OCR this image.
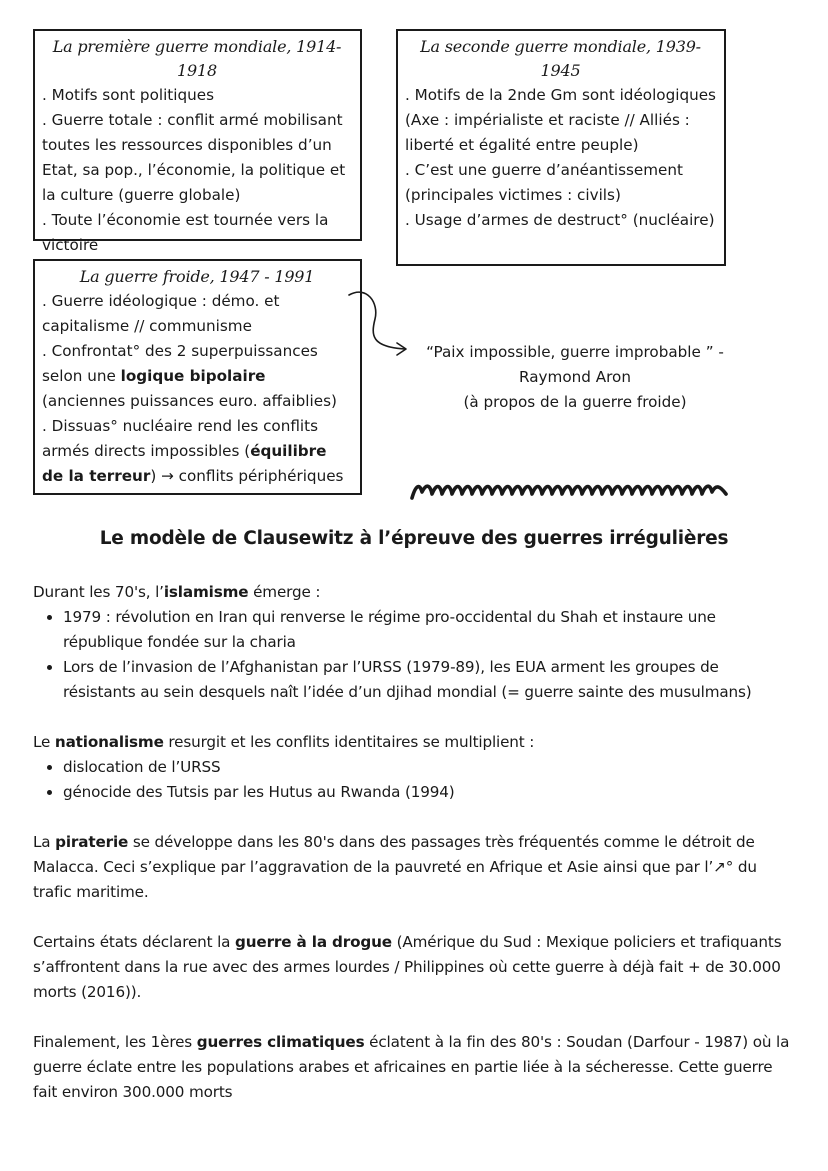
La première guerre mondiale, 1914-1918

. Motifs sont politiques

. Guerre totale : conflit armé mobilisant toutes les ressources disponibles d’un Etat, sa pop., l’économie, la politique et la culture (guerre globale)

. Toute l’économie est tournée vers la victoire

La seconde guerre mondiale, 1939-1945

. Motifs de la 2nde Gm sont idéologiques (Axe : impérialiste et raciste // Alliés : liberté et égalité entre peuple)

. C’est une guerre d’anéantissement (principales victimes : civils)

. Usage d’armes de destruct° (nucléaire)

La guerre froide, 1947 - 1991

. Guerre idéologique : démo. et capitalisme // communisme

. Confrontat° des 2 superpuissances selon une logique bipolaire (anciennes puissances euro. affaiblies)

. Dissuas° nucléaire rend les conflits armés directs impossibles (équilibre de la terreur) → conflits périphériques

“Paix impossible, guerre improbable ” -

Raymond Aron

(à propos de la guerre froide)

Le modèle de Clausewitz à l’épreuve des guerres irrégulières

Durant les 70's, l’islamisme émerge :

• 1979 : révolution en Iran qui renverse le régime pro-occidental du Shah et instaure une république fondée sur la charia
• Lors de l’invasion de l’Afghanistan par l’URSS (1979-89), les EUA arment les groupes de résistants au sein desquels naît l’idée d’un djihad mondial (= guerre sainte des musulmans)

Le nationalisme resurgit et les conflits identitaires se multiplient :

• dislocation de l’URSS
• génocide des Tutsis par les Hutus au Rwanda (1994)

La piraterie se développe dans les 80's dans des passages très fréquentés comme le détroit de Malacca. Ceci s’explique par l’aggravation de la pauvreté en Afrique et Asie ainsi que par l’↗° du trafic maritime.

Certains états déclarent la guerre à la drogue (Amérique du Sud : Mexique policiers et trafiquants s’affrontent dans la rue avec des armes lourdes / Philippines où cette guerre à déjà fait + de 30.000 morts (2016)).

Finalement, les 1ères guerres climatiques éclatent à la fin des 80's : Soudan (Darfour - 1987) où la guerre éclate entre les populations arabes et africaines en partie liée à la sécheresse. Cette guerre fait environ 300.000 morts
